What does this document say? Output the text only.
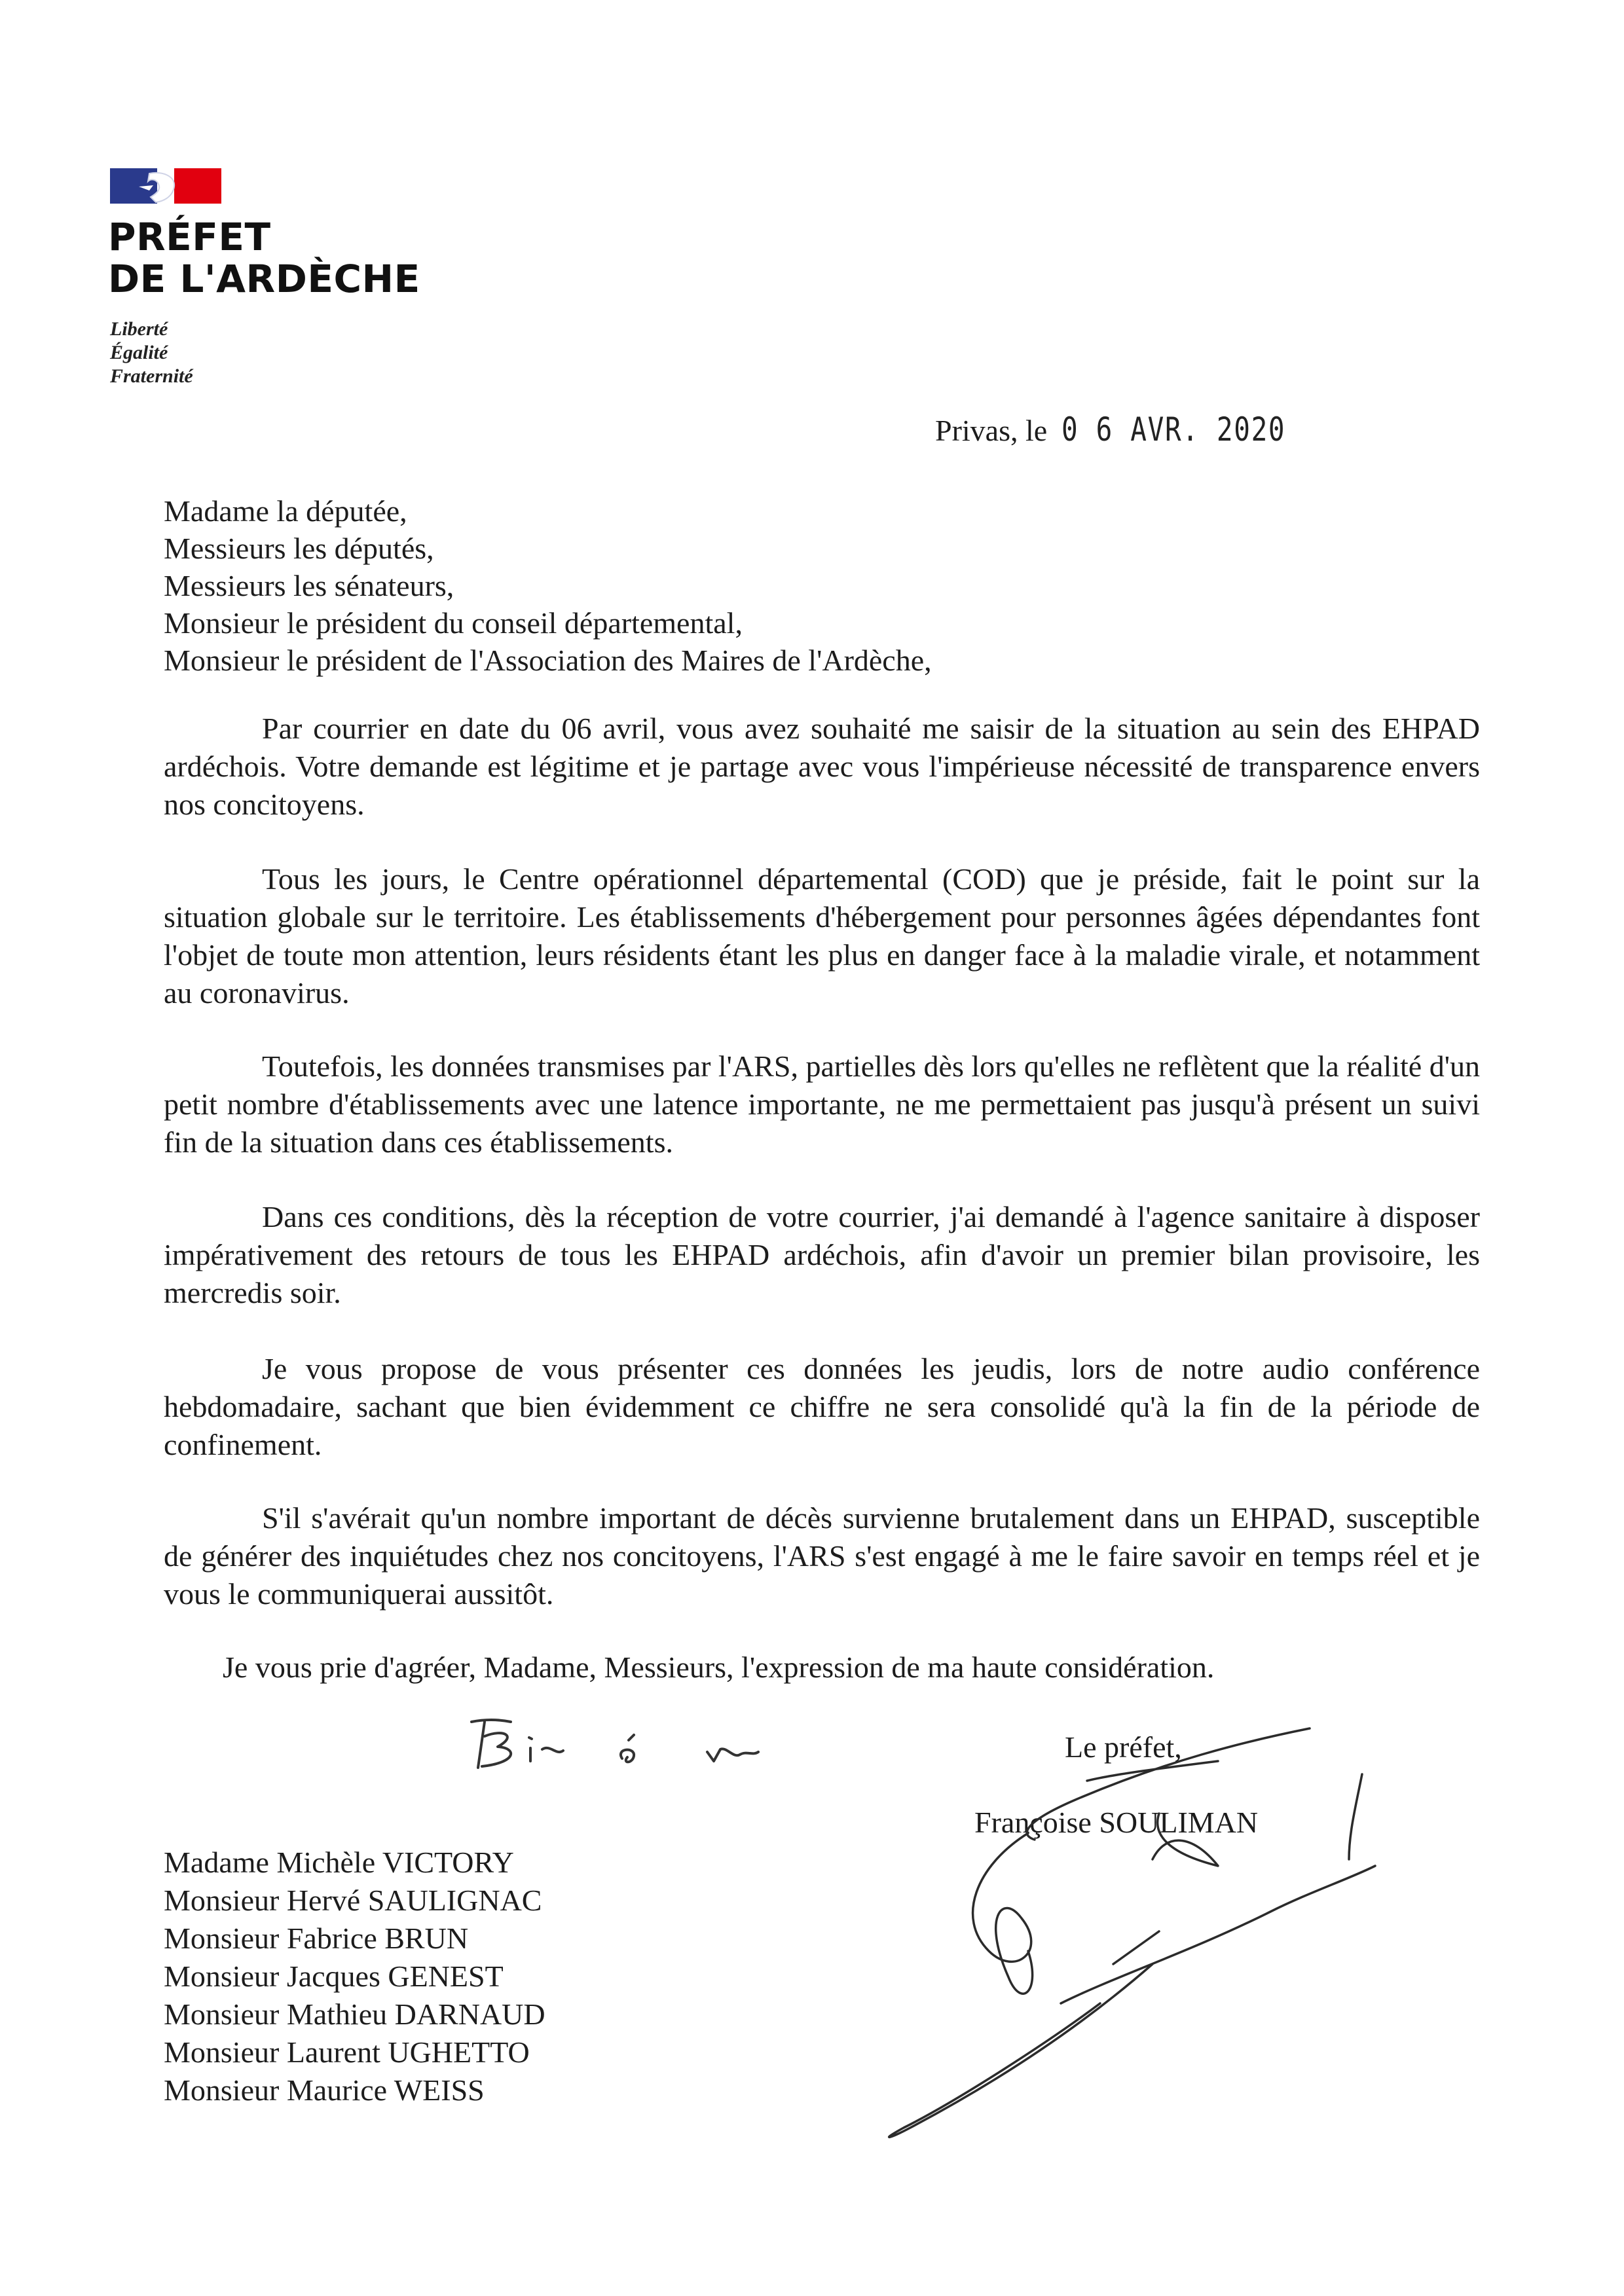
PRÉFET
DE L'ARDÈCHE
Liberté
Égalité
Fraternité
Privas, le 0 6 AVR. 2020
Madame la députée,
Messieurs les députés,
Messieurs les sénateurs,
Monsieur le président du conseil départemental,
Monsieur le président de l'Association des Maires de l'Ardèche,

Par courrier en date du 06 avril, vous avez souhaité me saisir de la situation au sein des EHPAD ardéchois. Votre demande est légitime et je partage avec vous l'impérieuse nécessité de transparence envers nos concitoyens.

Tous les jours, le Centre opérationnel départemental (COD) que je préside, fait le point sur la situation globale sur le territoire. Les établissements d'hébergement pour personnes âgées dépendantes font l'objet de toute mon attention, leurs résidents étant les plus en danger face à la maladie virale, et notamment au coronavirus.

Toutefois, les données transmises par l'ARS, partielles dès lors qu'elles ne reflètent que la réalité d'un petit nombre d'établissements avec une latence importante, ne me permettaient pas jusqu'à présent un suivi fin de la situation dans ces établissements.

Dans ces conditions, dès la réception de votre courrier, j'ai demandé à l'agence sanitaire à disposer impérativement des retours de tous les EHPAD ardéchois, afin d'avoir un premier bilan provisoire, les mercredis soir.

Je vous propose de vous présenter ces données les jeudis, lors de notre audio conférence hebdomadaire, sachant que bien évidemment ce chiffre ne sera consolidé qu'à la fin de la période de confinement.

S'il s'avérait qu'un nombre important de décès survienne brutalement dans un EHPAD, susceptible de générer des inquiétudes chez nos concitoyens, l'ARS s'est engagé à me le faire savoir en temps réel et je vous le communiquerai aussitôt.

Je vous prie d'agréer, Madame, Messieurs, l'expression de ma haute considération.
Le préfet,
Françoise SOULIMAN
Madame Michèle VICTORY
Monsieur Hervé SAULIGNAC
Monsieur Fabrice BRUN
Monsieur Jacques GENEST
Monsieur Mathieu DARNAUD
Monsieur Laurent UGHETTO
Monsieur Maurice WEISS
